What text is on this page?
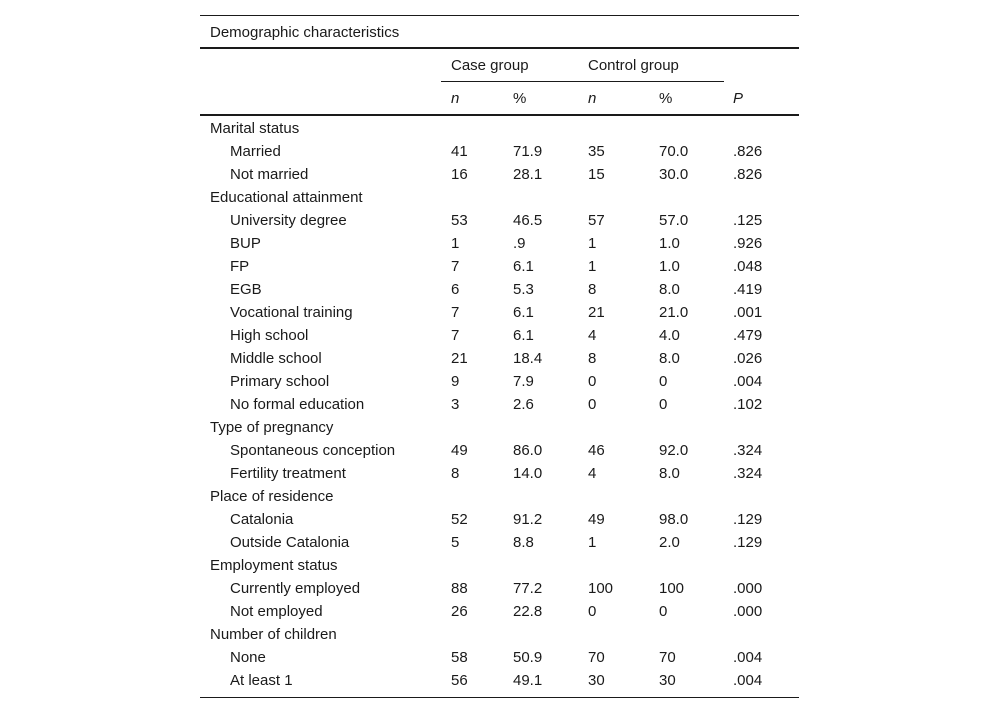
Demographic characteristics
Case group	Control group
n	%	n	%	P
Marital status
Married	41	71.9	35	70.0	.826
Not married	16	28.1	15	30.0	.826
Educational attainment
University degree	53	46.5	57	57.0	.125
BUP	1	.9	1	1.0	.926
FP	7	6.1	1	1.0	.048
EGB	6	5.3	8	8.0	.419
Vocational training	7	6.1	21	21.0	.001
High school	7	6.1	4	4.0	.479
Middle school	21	18.4	8	8.0	.026
Primary school	9	7.9	0	0	.004
No formal education	3	2.6	0	0	.102
Type of pregnancy
Spontaneous conception	49	86.0	46	92.0	.324
Fertility treatment	8	14.0	4	8.0	.324
Place of residence
Catalonia	52	91.2	49	98.0	.129
Outside Catalonia	5	8.8	1	2.0	.129
Employment status
Currently employed	88	77.2	100	100	.000
Not employed	26	22.8	0	0	.000
Number of children
None	58	50.9	70	70	.004
At least 1	56	49.1	30	30	.004
